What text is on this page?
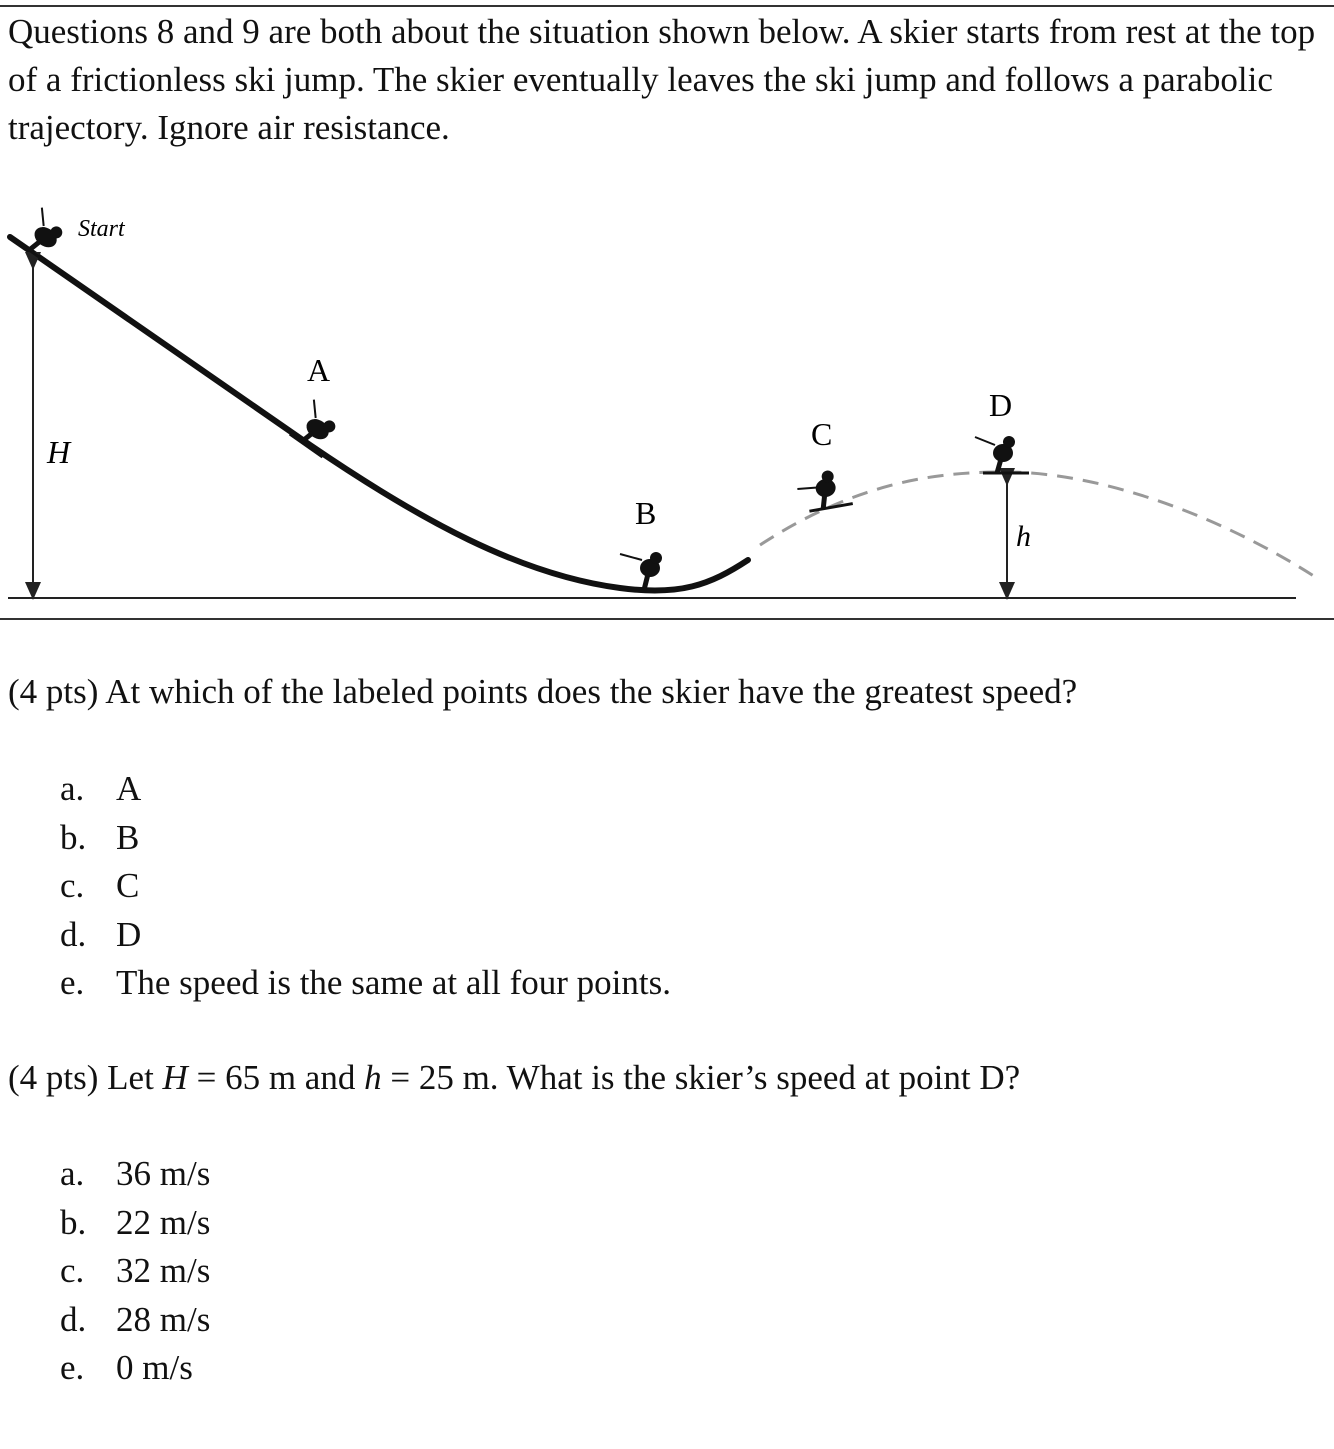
Questions 8 and 9 are both about the situation shown below. A skier starts from rest at the top of a frictionless ski jump. The skier eventually leaves the ski jump and follows a parabolic trajectory. Ignore air resistance.

H
h
Start
A
B
C
D

(4 pts) At which of the labeled points does the skier have the greatest speed?

a. A
b. B
c. C
d. D
e. The speed is the same at all four points.

(4 pts) Let H = 65 m and h = 25 m. What is the skier’s speed at point D?

a. 36 m/s
b. 22 m/s
c. 32 m/s
d. 28 m/s
e. 0 m/s
